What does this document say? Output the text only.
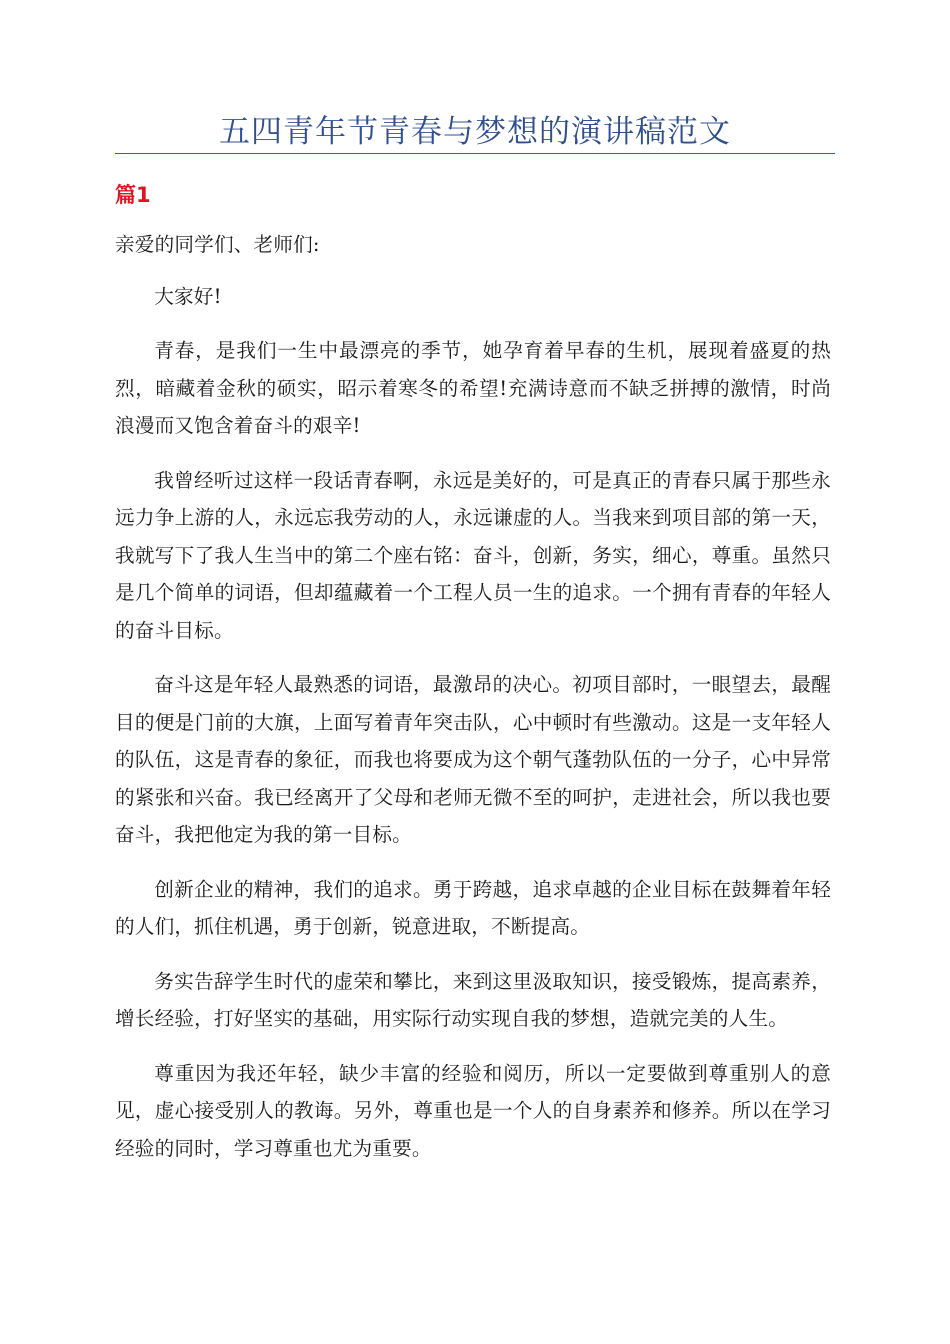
五四青年节青春与梦想的演讲稿范文
篇1

亲爱的同学们、老师们:

大家好!

青春，是我们一生中最漂亮的季节，她孕育着早春的生机，展现着盛夏的热烈，暗藏着金秋的硕实，昭示着寒冬的希望!充满诗意而不缺乏拼搏的激情，时尚浪漫而又饱含着奋斗的艰辛!

我曾经听过这样一段话青春啊，永远是美好的，可是真正的青春只属于那些永远力争上游的人，永远忘我劳动的人，永远谦虚的人。当我来到项目部的第一天，我就写下了我人生当中的第二个座右铭：奋斗，创新，务实，细心，尊重。虽然只是几个简单的词语，但却蕴藏着一个工程人员一生的追求。一个拥有青春的年轻人的奋斗目标。

奋斗这是年轻人最熟悉的词语，最激昂的决心。初项目部时，一眼望去，最醒目的便是门前的大旗，上面写着青年突击队，心中顿时有些激动。这是一支年轻人的队伍，这是青春的象征，而我也将要成为这个朝气蓬勃队伍的一分子，心中异常的紧张和兴奋。我已经离开了父母和老师无微不至的呵护，走进社会，所以我也要奋斗，我把他定为我的第一目标。

创新企业的精神，我们的追求。勇于跨越，追求卓越的企业目标在鼓舞着年轻的人们，抓住机遇，勇于创新，锐意进取，不断提高。

务实告辞学生时代的虚荣和攀比，来到这里汲取知识，接受锻炼，提高素养，增长经验，打好坚实的基础，用实际行动实现自我的梦想，造就完美的人生。

尊重因为我还年轻，缺少丰富的经验和阅历，所以一定要做到尊重别人的意见，虚心接受别人的教诲。另外，尊重也是一个人的自身素养和修养。所以在学习经验的同时，学习尊重也尤为重要。
